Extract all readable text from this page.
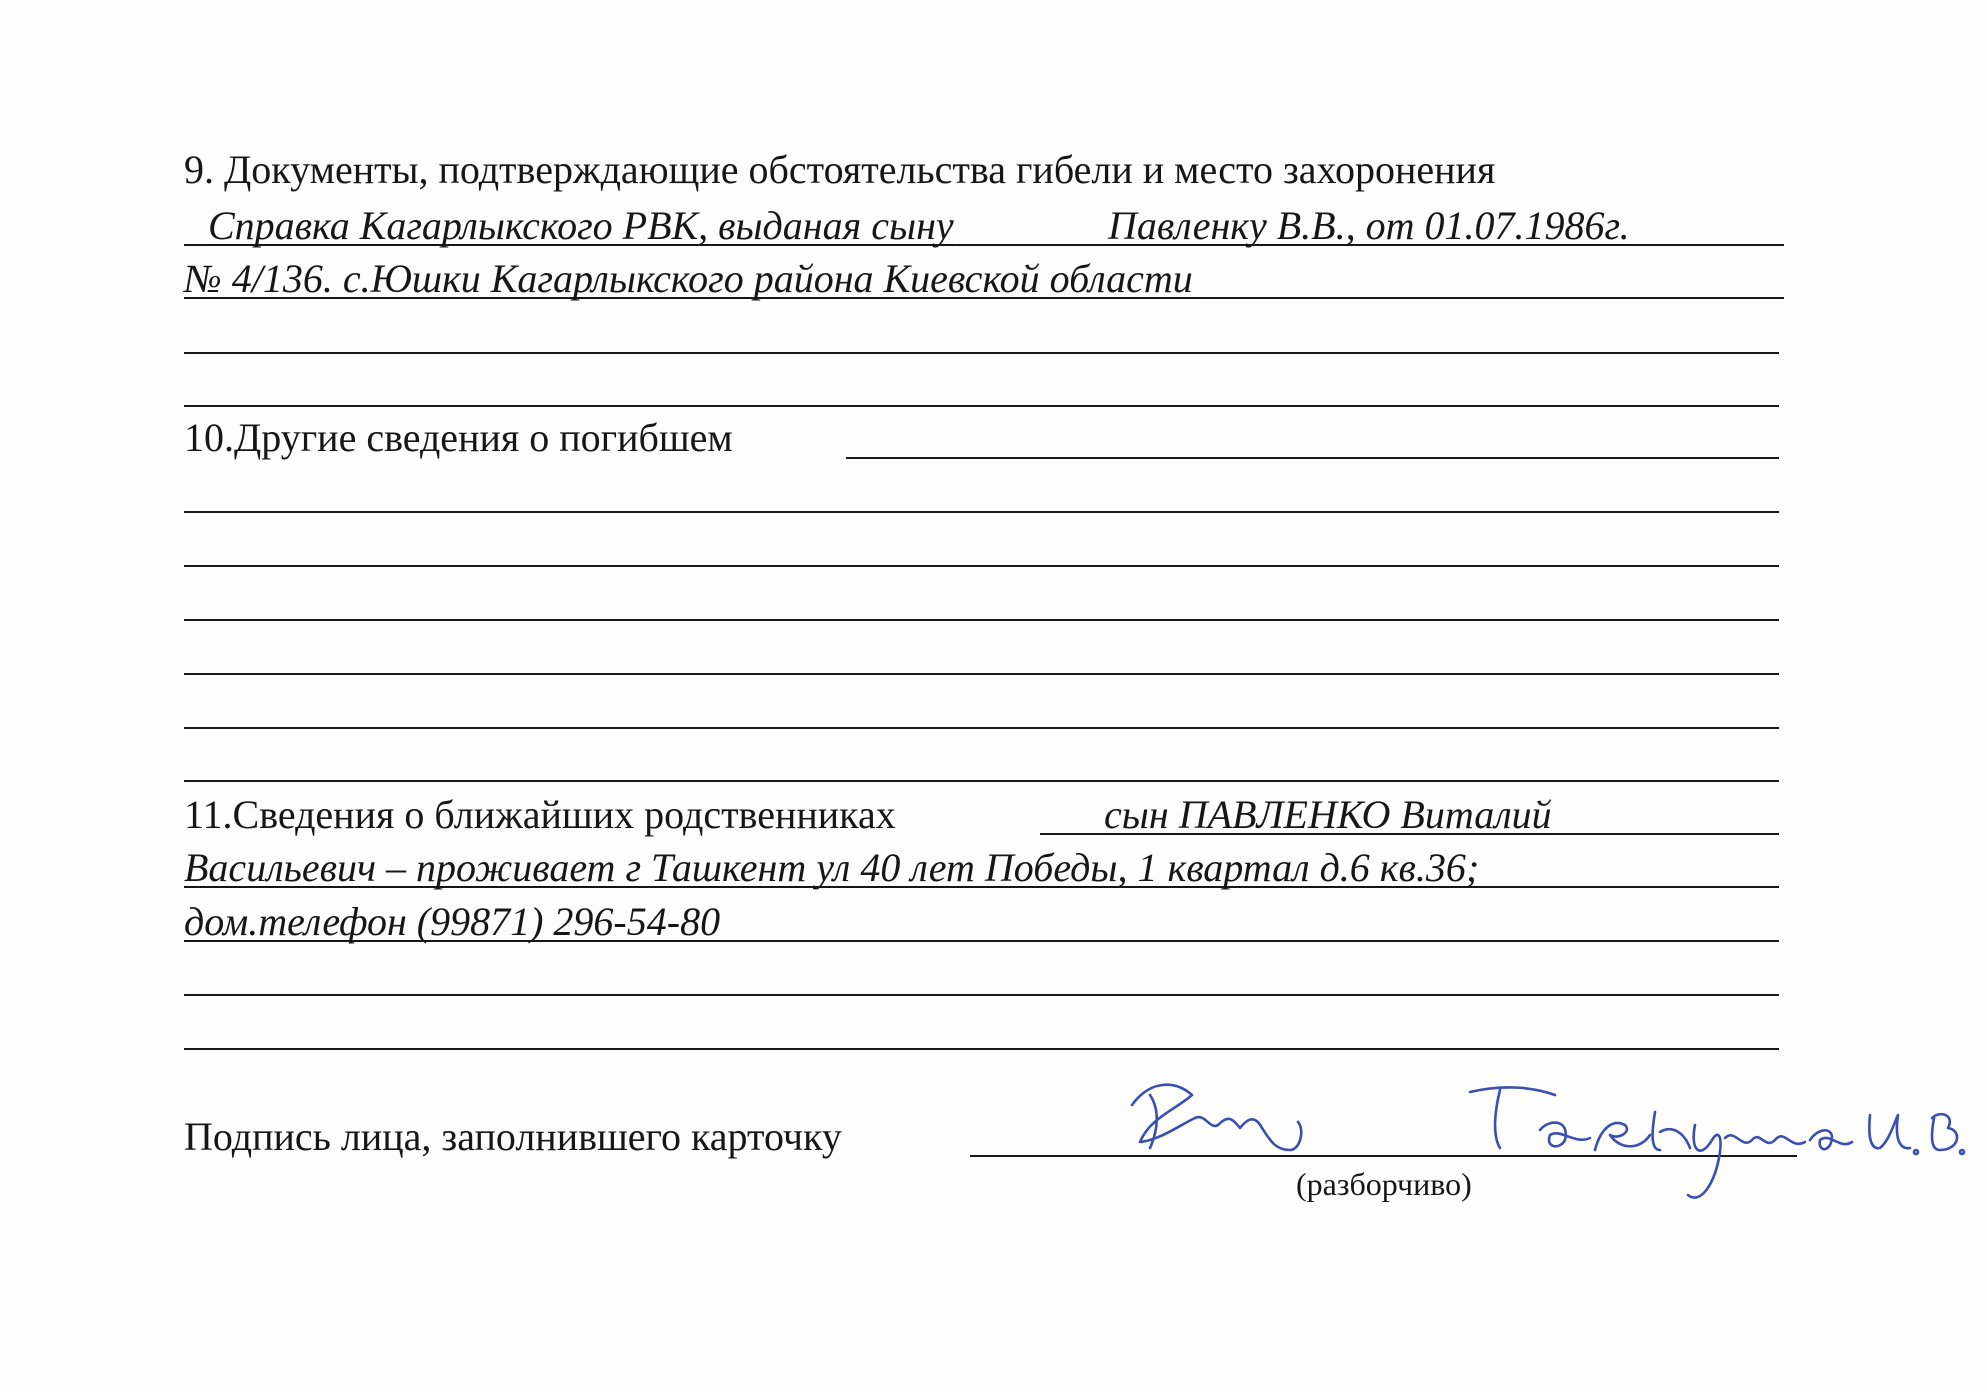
9. Документы, подтверждающие обстоятельства гибели и место захоронения
Справка Кагарлыкского РВК, выданая сыну	Павленку В.В., от 01.07.1986г.
№ 4/136. с.Юшки Кагарлыкского района Киевской области
10.Другие сведения о погибшем
11.Сведения о ближайших родственниках	сын ПАВЛЕНКО Виталий
Васильевич – проживает г Ташкент ул 40 лет Победы, 1 квартал д.6 кв.36;
дом.телефон (99871) 296-54-80
Подпись лица, заполнившего карточку
(разборчиво)
